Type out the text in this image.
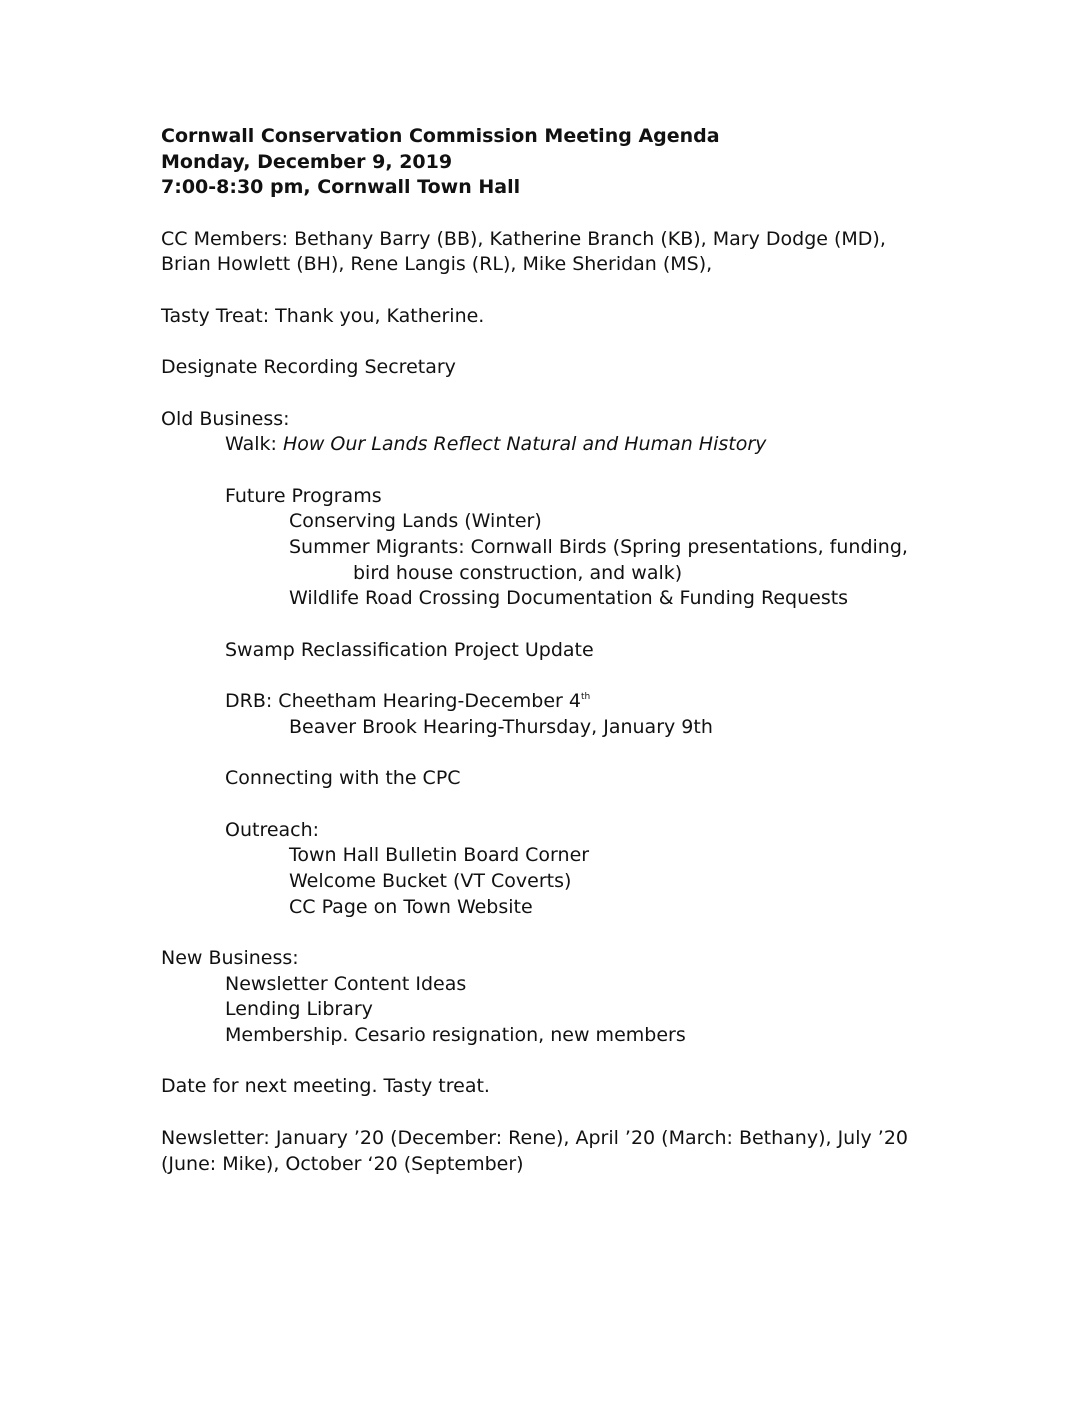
Cornwall Conservation Commission Meeting Agenda
Monday, December 9, 2019
7:00-8:30 pm, Cornwall Town Hall
CC Members: Bethany Barry (BB), Katherine Branch (KB), Mary Dodge (MD),
Brian Howlett (BH), Rene Langis (RL), Mike Sheridan (MS),
Tasty Treat: Thank you, Katherine.
Designate Recording Secretary
Old Business:
Walk: How Our Lands Reflect Natural and Human History
Future Programs
Conserving Lands (Winter)
Summer Migrants: Cornwall Birds (Spring presentations, funding,
bird house construction, and walk)
Wildlife Road Crossing Documentation & Funding Requests
Swamp Reclassification Project Update
DRB: Cheetham Hearing-December 4th
Beaver Brook Hearing-Thursday, January 9th
Connecting with the CPC
Outreach:
Town Hall Bulletin Board Corner
Welcome Bucket (VT Coverts)
CC Page on Town Website
New Business:
Newsletter Content Ideas
Lending Library
Membership. Cesario resignation, new members
Date for next meeting. Tasty treat.
Newsletter: January ’20 (December: Rene), April ’20 (March: Bethany), July ’20
(June: Mike), October ‘20 (September)
